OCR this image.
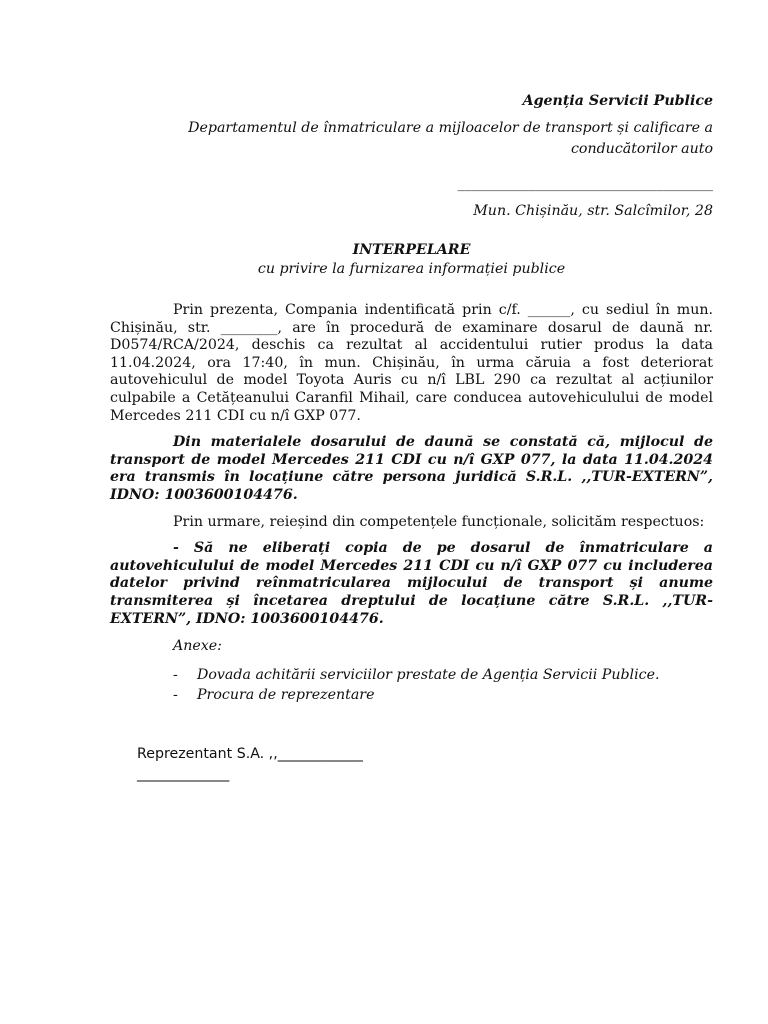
Agenția Servicii Publice
Departamentul de înmatriculare a mijloacelor de transport și calificare a conducătorilor auto
____________________________________
Mun. Chișinău, str. Salcîmilor, 28
INTERPELARE
cu privire la furnizarea informației publice

Prin prezenta, Compania indentificată prin c/f. ______, cu sediul în mun. Chișinău, str. ________, are în procedură de examinare dosarul de daună nr. D0574/RCA/2024, deschis ca rezultat al accidentului rutier produs la data 11.04.2024, ora 17:40, în mun. Chișinău, în urma căruia a fost deteriorat autovehiculul de model Toyota Auris cu n/î LBL 290 ca rezultat al acțiunilor culpabile a Cetățeanului Caranfil Mihail, care conducea autovehiculului de model Mercedes 211 CDI cu n/î GXP 077.

Din materialele dosarului de daună se constată că, mijlocul de transport de model Mercedes 211 CDI cu n/î GXP 077, la data 11.04.2024 era transmis în locațiune către persona juridică S.R.L. ,,TUR-EXTERN”, IDNO: 1003600104476.

Prin urmare, reieșind din competențele funcționale, solicităm respectuos:

- Să ne eliberați copia de pe dosarul de înmatriculare a autovehiculului de model Mercedes 211 CDI cu n/î GXP 077 cu includerea datelor privind reînmatricularea mijlocului de transport și anume transmiterea și încetarea dreptului de locațiune către S.R.L. ,,TUR-EXTERN”, IDNO: 1003600104476.

Anexe:

- Dovada achitării serviciilor prestate de Agenția Servicii Publice.
- Procura de reprezentare
Reprezentant S.A. ,,____________
_____________
